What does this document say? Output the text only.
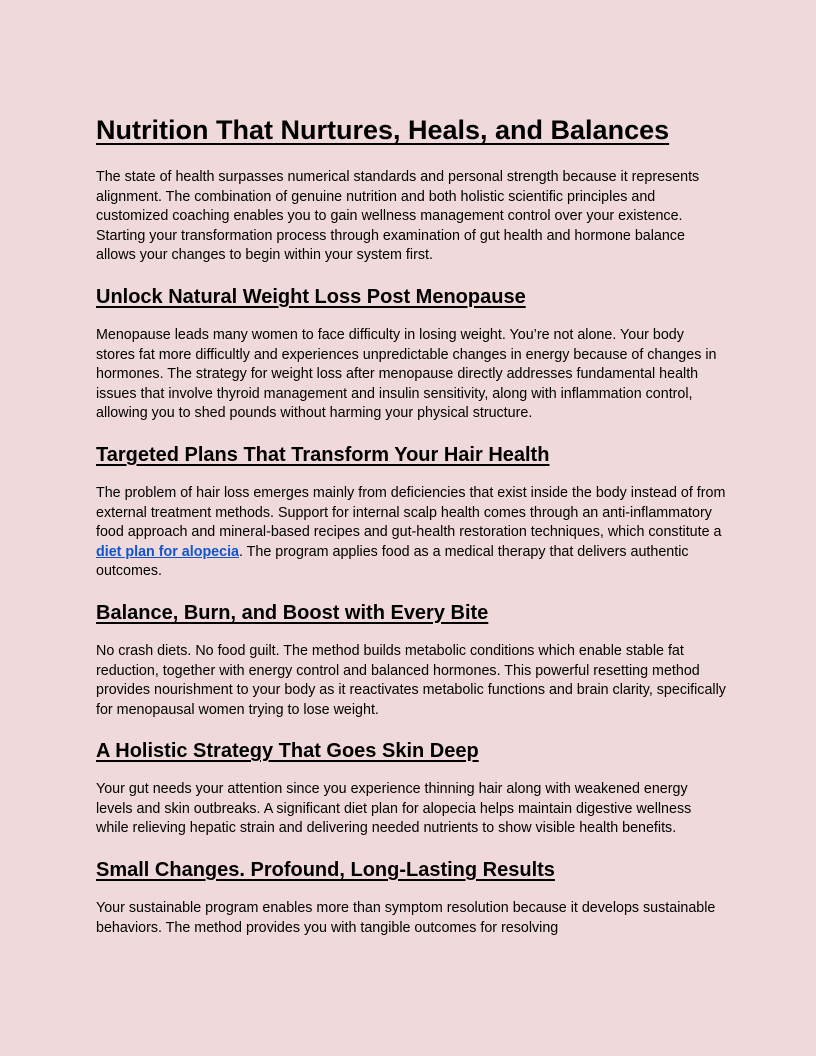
Nutrition That Nurtures, Heals, and Balances

The state of health surpasses numerical standards and personal strength because it represents alignment. The combination of genuine nutrition and both holistic scientific principles and customized coaching enables you to gain wellness management control over your existence. Starting your transformation process through examination of gut health and hormone balance allows your changes to begin within your system first.

Unlock Natural Weight Loss Post Menopause

Menopause leads many women to face difficulty in losing weight. You’re not alone. Your body stores fat more difficultly and experiences unpredictable changes in energy because of changes in hormones. The strategy for weight loss after menopause directly addresses fundamental health issues that involve thyroid management and insulin sensitivity, along with inflammation control, allowing you to shed pounds without harming your physical structure.

Targeted Plans That Transform Your Hair Health

The problem of hair loss emerges mainly from deficiencies that exist inside the body instead of from external treatment methods. Support for internal scalp health comes through an anti-inflammatory food approach and mineral-based recipes and gut-health restoration techniques, which constitute a diet plan for alopecia. The program applies food as a medical therapy that delivers authentic outcomes.

Balance, Burn, and Boost with Every Bite

No crash diets. No food guilt. The method builds metabolic conditions which enable stable fat reduction, together with energy control and balanced hormones. This powerful resetting method provides nourishment to your body as it reactivates metabolic functions and brain clarity, specifically for menopausal women trying to lose weight.

A Holistic Strategy That Goes Skin Deep

Your gut needs your attention since you experience thinning hair along with weakened energy levels and skin outbreaks. A significant diet plan for alopecia helps maintain digestive wellness while relieving hepatic strain and delivering needed nutrients to show visible health benefits.

Small Changes. Profound, Long-Lasting Results

Your sustainable program enables more than symptom resolution because it develops sustainable behaviors. The method provides you with tangible outcomes for resolving
